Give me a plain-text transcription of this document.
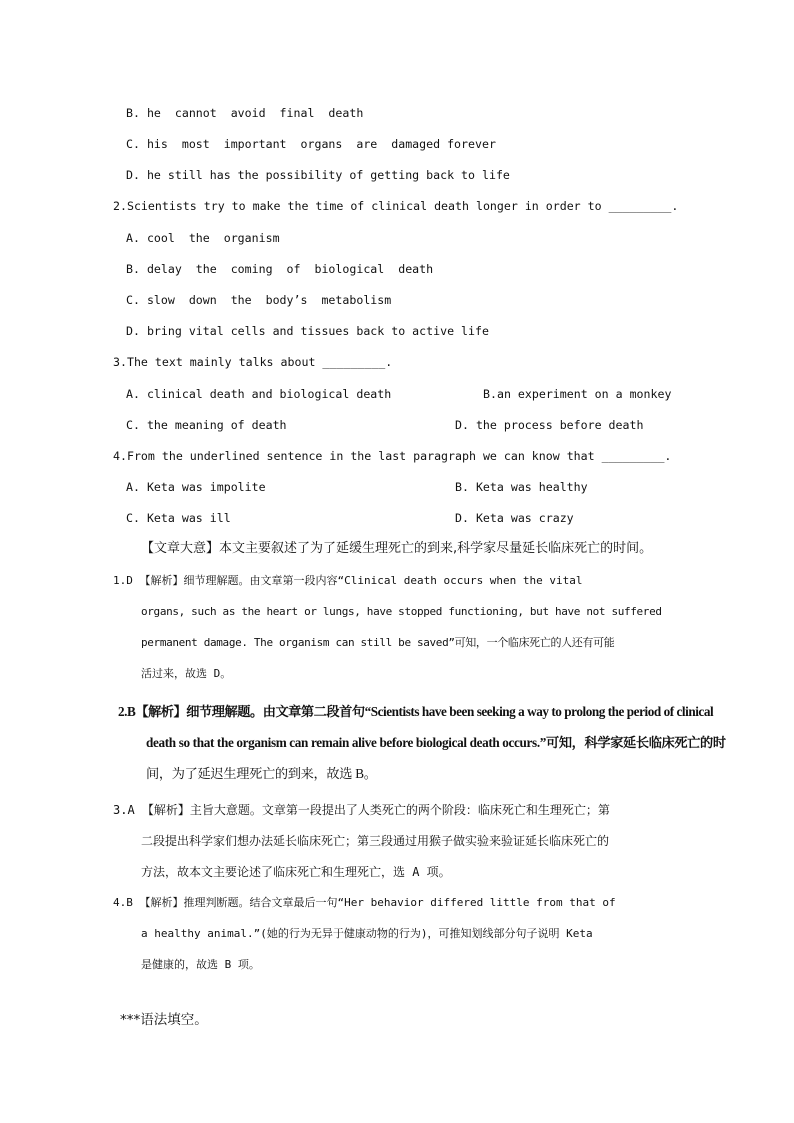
B. he  cannot  avoid  final  death
C. his  most  important  organs  are  damaged forever
D. he still has the possibility of getting back to life
2.Scientists try to make the time of clinical death longer in order to _________.
A. cool  the  organism
B. delay  the  coming  of  biological  death
C. slow  down  the  body’s  metabolism
D. bring vital cells and tissues back to active life
3.The text mainly talks about _________.
A. clinical death and biological death	B.an experiment on a monkey
C. the meaning of death	D. the process before death
4.From the underlined sentence in the last paragraph we can know that _________.
A. Keta was impolite	B. Keta was healthy
C. Keta was ill	D. Keta was crazy
【文章大意】本文主要叙述了为了延缓生理死亡的到来,科学家尽量延长临床死亡的时间。
1.D 【解析】细节理解题。由文章第一段内容“Clinical death occurs when the vital
organs, such as the heart or lungs, have stopped functioning, but have not suffered
permanent damage. The organism can still be saved”可知，一个临床死亡的人还有可能
活过来，故选 D。
2.B【解析】细节理解题。由文章第二段首句“Scientists have been seeking a way to prolong the period of clinical
death so that the organism can remain alive before biological death occurs.”可知，科学家延长临床死亡的时
间，为了延迟生理死亡的到来，故选 B。
3.A 【解析】主旨大意题。文章第一段提出了人类死亡的两个阶段：临床死亡和生理死亡；第
二段提出科学家们想办法延长临床死亡；第三段通过用猴子做实验来验证延长临床死亡的
方法，故本文主要论述了临床死亡和生理死亡，选 A 项。
4.B 【解析】推理判断题。结合文章最后一句“Her behavior differed little from that of
a healthy animal.”(她的行为无异于健康动物的行为)，可推知划线部分句子说明 Keta
是健康的，故选 B 项。
***语法填空。
